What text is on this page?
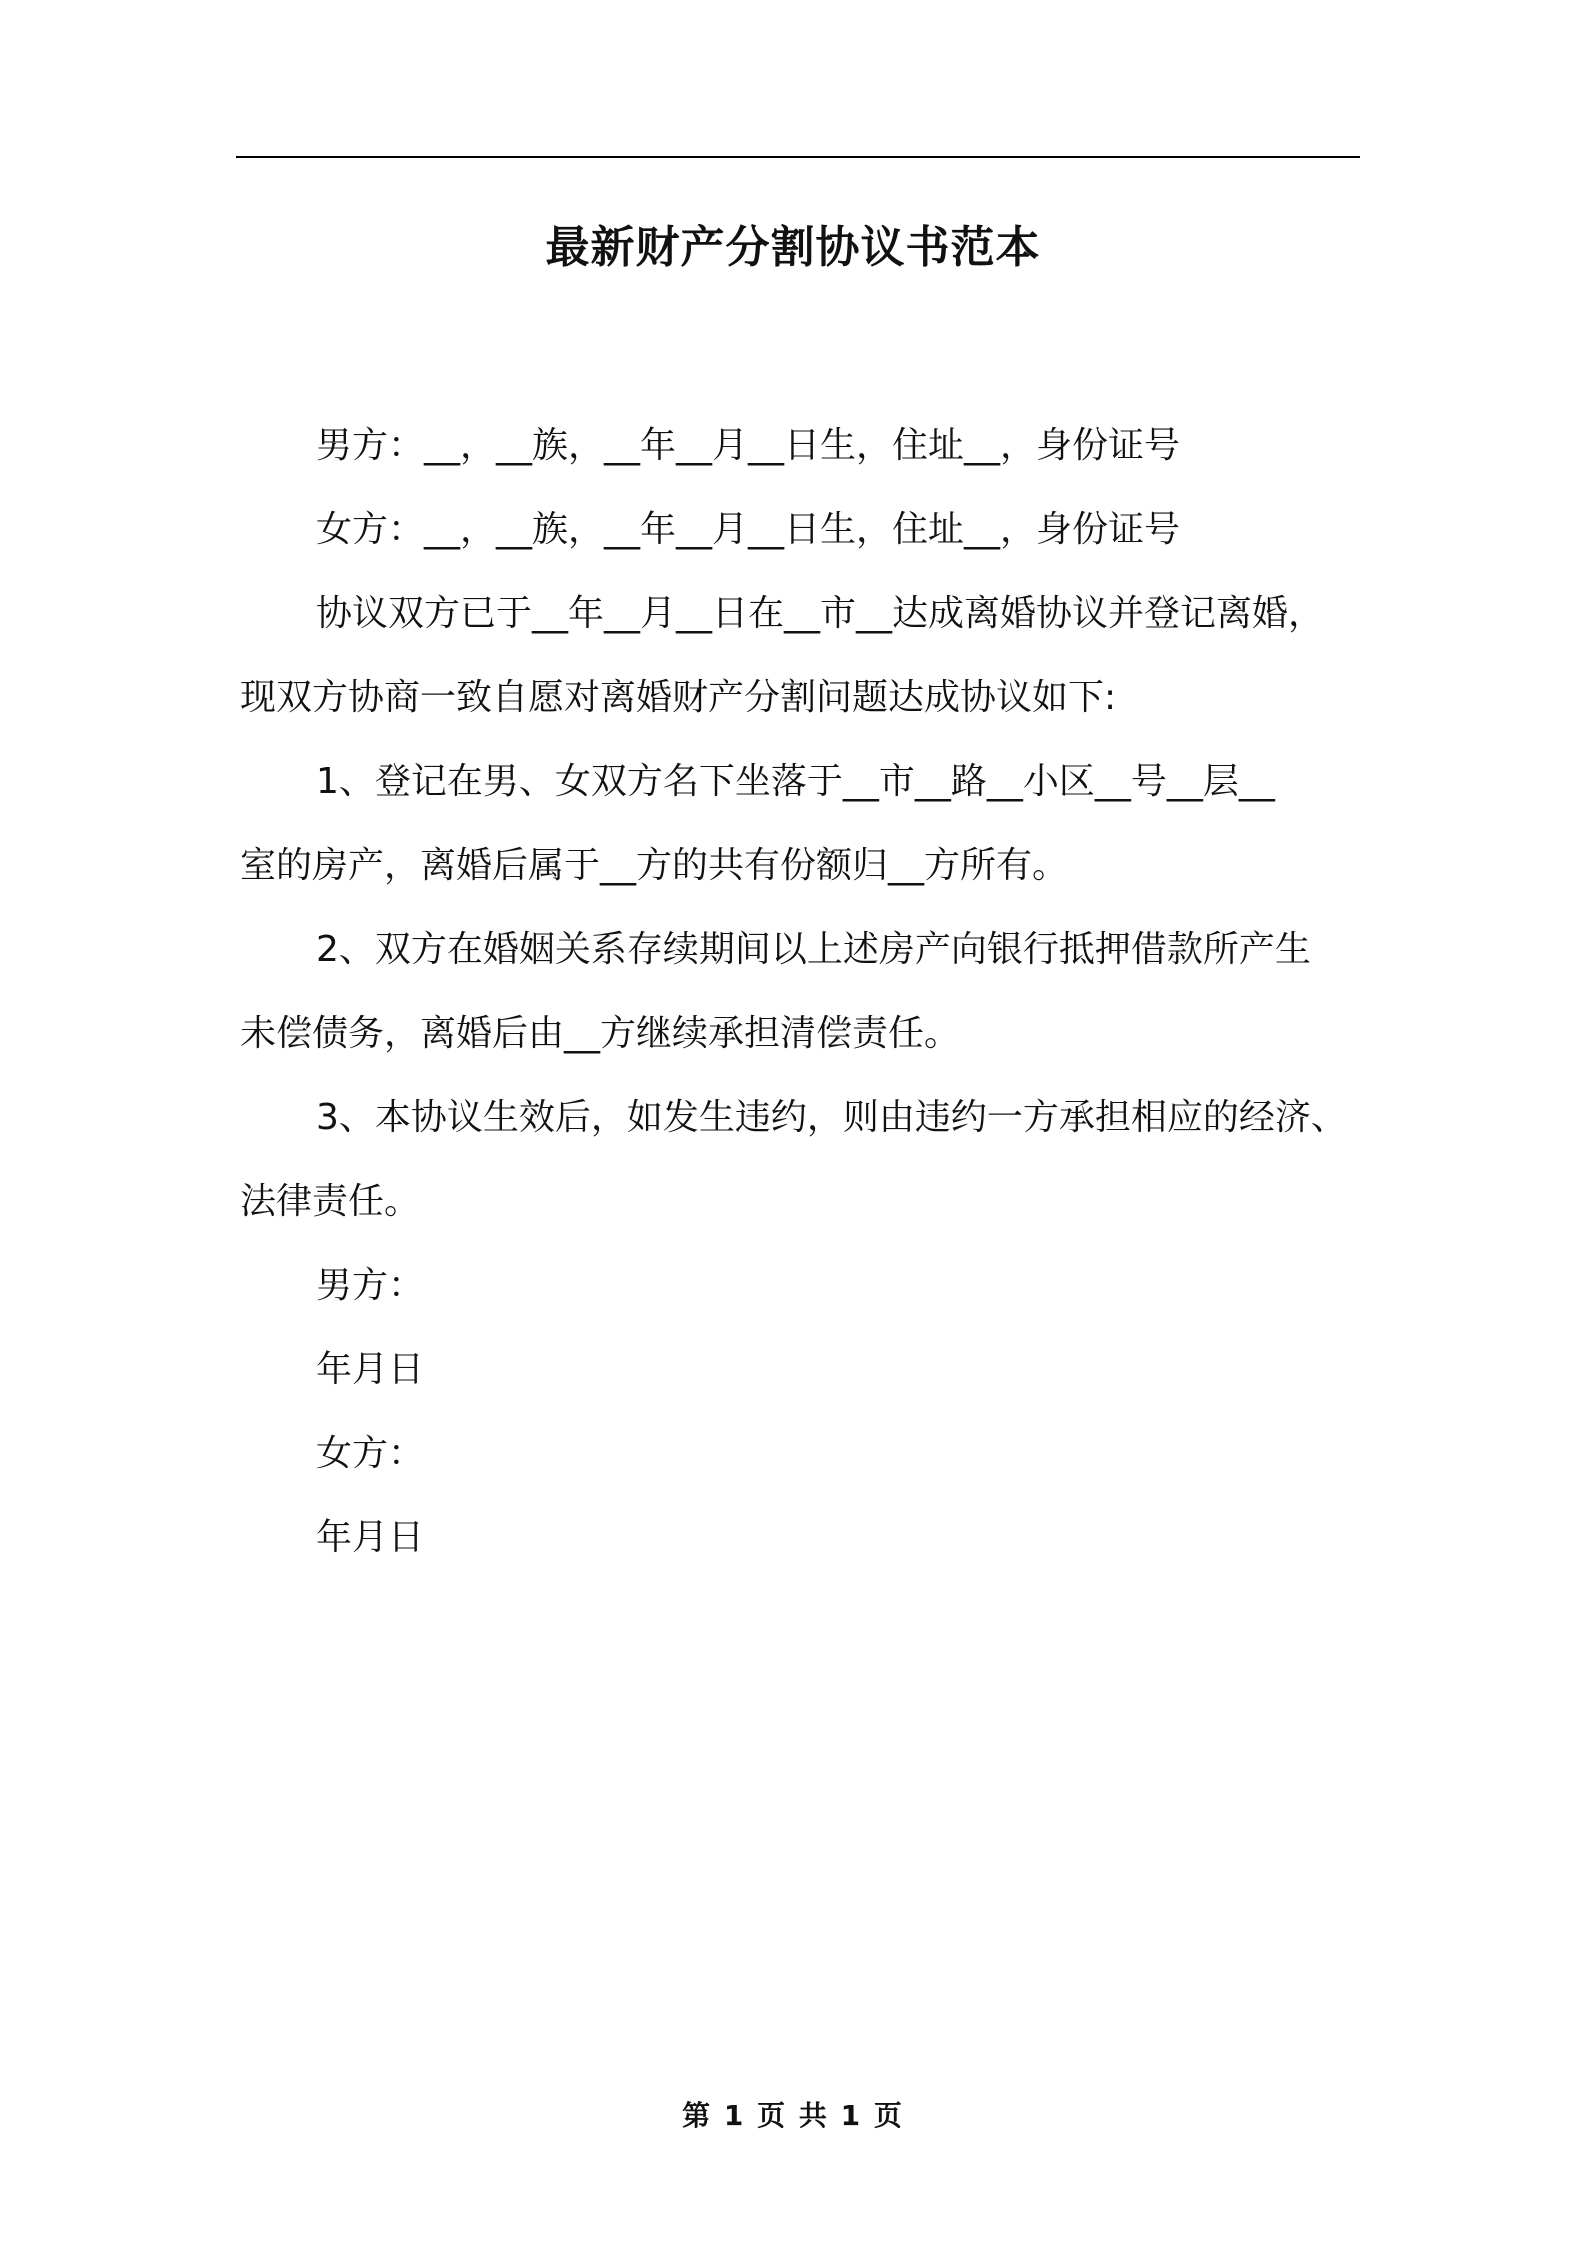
最新财产分割协议书范本

男方：__，__族，__年__月__日生，住址__，身份证号

女方：__，__族，__年__月__日生，住址__，身份证号

协议双方已于__年__月__日在__市__达成离婚协议并登记离婚，

现双方协商一致自愿对离婚财产分割问题达成协议如下:

1、登记在男、女双方名下坐落于__市__路__小区__号__层__

室的房产，离婚后属于__方的共有份额归__方所有。

2、双方在婚姻关系存续期间以上述房产向银行抵押借款所产生

未偿债务，离婚后由__方继续承担清偿责任。

3、本协议生效后，如发生违约，则由违约一方承担相应的经济、

法律责任。

男方：

年月日

女方：

年月日

第 1 页 共 1 页
